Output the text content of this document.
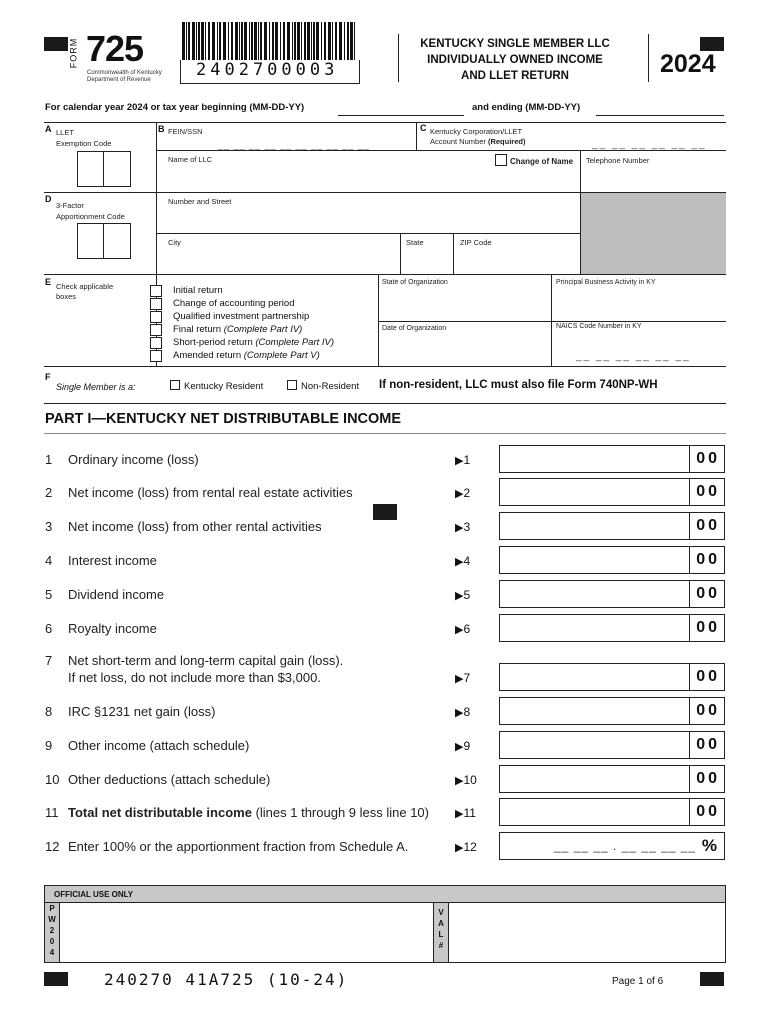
FORM 725
Commonwealth of Kentucky
Department of Revenue	2402700003
KENTUCKY SINGLE MEMBER LLC
INDIVIDUALLY OWNED INCOME
AND LLET RETURN	2024
For calendar year 2024 or tax year beginning (MM-DD-YY)	and ending (MM-DD-YY)
A LLET
Exemption Code
B FEIN/SSN
__ __ __ __ __ __ __ __ __ __
C Kentucky Corporation/LLET
Account Number (Required)	__ __ __ __ __ __
Name of LLC	Change of Name Telephone Number
D
3-Factor
Apportionment Code
Number and Street
City	State	ZIP Code
E Check applicable
boxes
Initial return
Change of accounting period
Qualified investment partnership
Final return (Complete Part IV)
Short-period return (Complete Part IV)
Amended return (Complete Part V)
State of Organization	Principal Business Activity in KY
Date of Organization	NAICS Code Number in KY
__ __ __ __ __ __
F
Single Member is a:	Kentucky Resident	Non-Resident If non-resident, LLC must also file Form 740NP-WH
PART I—KENTUCKY NET DISTRIBUTABLE INCOME
1 Ordinary income (loss)	▶1	00
2 Net income (loss) from rental real estate activities	▶2	00
3 Net income (loss) from other rental activities	▶3	00
4 Interest income	▶4	00
5 Dividend income	▶5	00
6 Royalty income	▶6	00
7 Net short-term and long-term capital gain (loss).
If net loss, do not include more than $3,000.	▶7	00
8 IRC §1231 net gain (loss)	▶8	00
9 Other income (attach schedule)	▶9	00
10 Other deductions (attach schedule)	▶10	00
11 Total net distributable income (lines 1 through 9 less line 10) ▶11	00
12 Enter 100% or the apportionment fraction from Schedule A.	▶12	__ __ __ . __ __ __ __ %
OFFICIAL USE ONLY
P
W
2
0
4
V
A
L
#
240270 41A725 (10-24)	Page 1 of 6
